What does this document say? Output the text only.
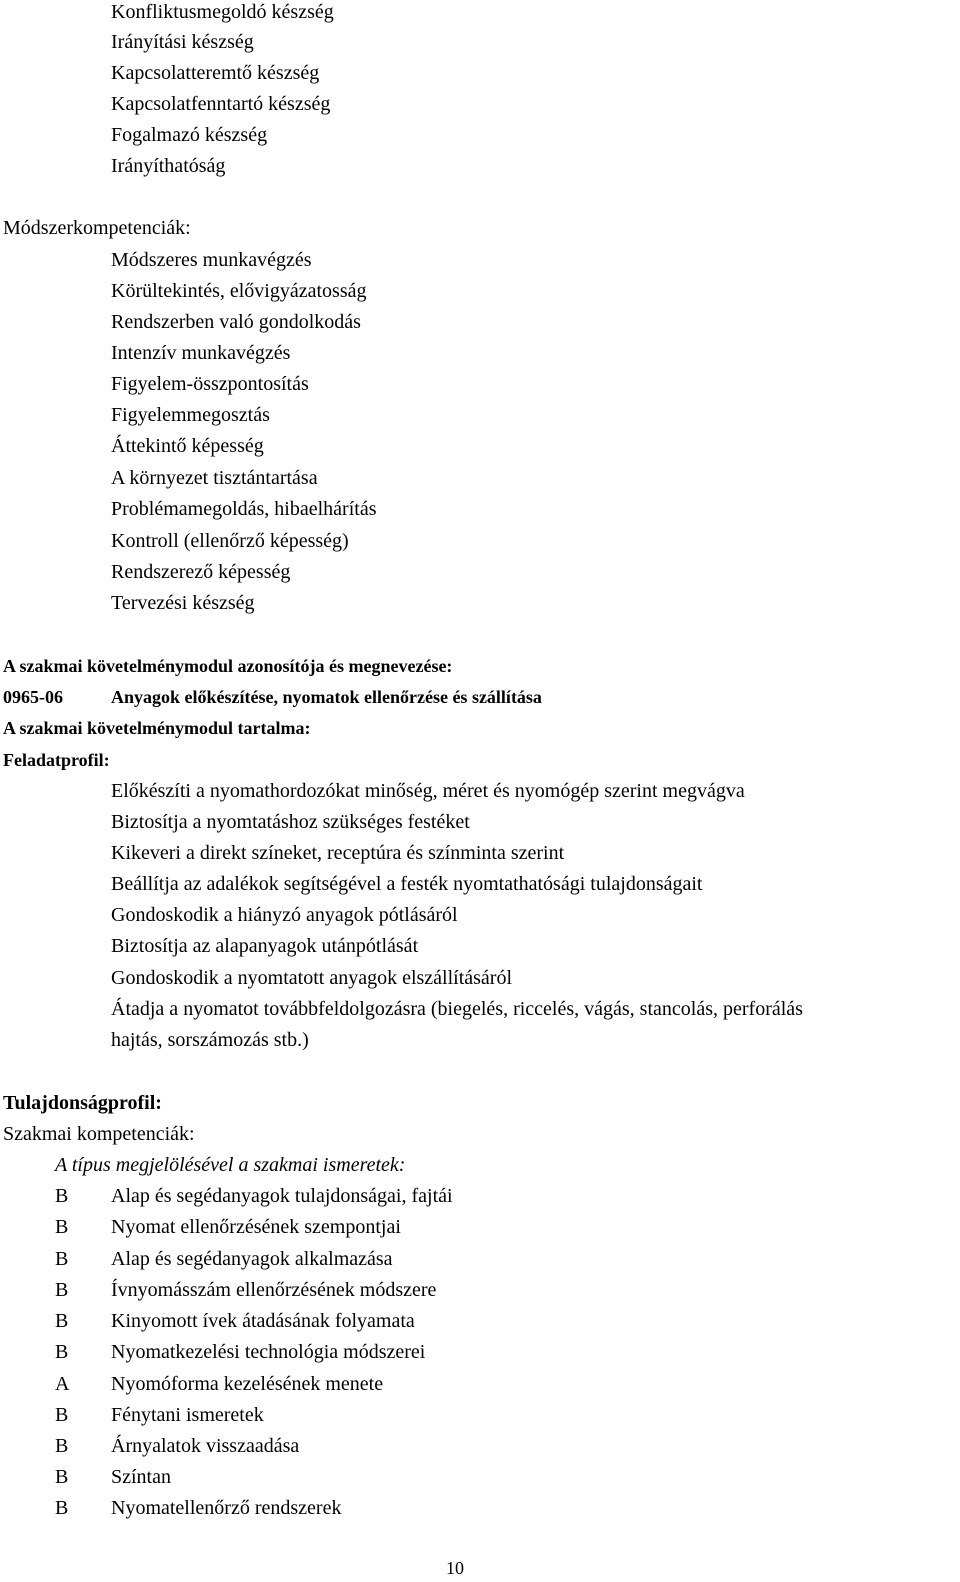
Konfliktusmegoldó készség
Irányítási készség
Kapcsolatteremtő készség
Kapcsolatfenntartó készség
Fogalmazó készség
Irányíthatóság
Módszerkompetenciák:
Módszeres munkavégzés
Körültekintés, elővigyázatosság
Rendszerben való gondolkodás
Intenzív munkavégzés
Figyelem-összpontosítás
Figyelemmegosztás
Áttekintő képesség
A környezet tisztántartása
Problémamegoldás, hibaelhárítás
Kontroll (ellenőrző képesség)
Rendszerező képesség
Tervezési készség
A szakmai követelménymodul azonosítója és megnevezése:
0965-06	Anyagok előkészítése, nyomatok ellenőrzése és szállítása
A szakmai követelménymodul tartalma:
Feladatprofil:
Előkészíti a nyomathordozókat minőség, méret és nyomógép szerint megvágva
Biztosítja a nyomtatáshoz szükséges festéket
Kikeveri a direkt színeket, receptúra és színminta szerint
Beállítja az adalékok segítségével a festék nyomtathatósági tulajdonságait
Gondoskodik a hiányzó anyagok pótlásáról
Biztosítja az alapanyagok utánpótlását
Gondoskodik a nyomtatott anyagok elszállításáról
Átadja a nyomatot továbbfeldolgozásra (biegelés, riccelés, vágás, stancolás, perforálás
hajtás, sorszámozás stb.)
Tulajdonságprofil:
Szakmai kompetenciák:
A típus megjelölésével a szakmai ismeretek:
B Alap és segédanyagok tulajdonságai, fajtái
B Nyomat ellenőrzésének szempontjai
B Alap és segédanyagok alkalmazása
B Ívnyomásszám ellenőrzésének módszere
B Kinyomott ívek átadásának folyamata
B Nyomatkezelési technológia módszerei
A Nyomóforma kezelésének menete
B Fénytani ismeretek
B Árnyalatok visszaadása
B Színtan
B Nyomatellenőrző rendszerek
10
